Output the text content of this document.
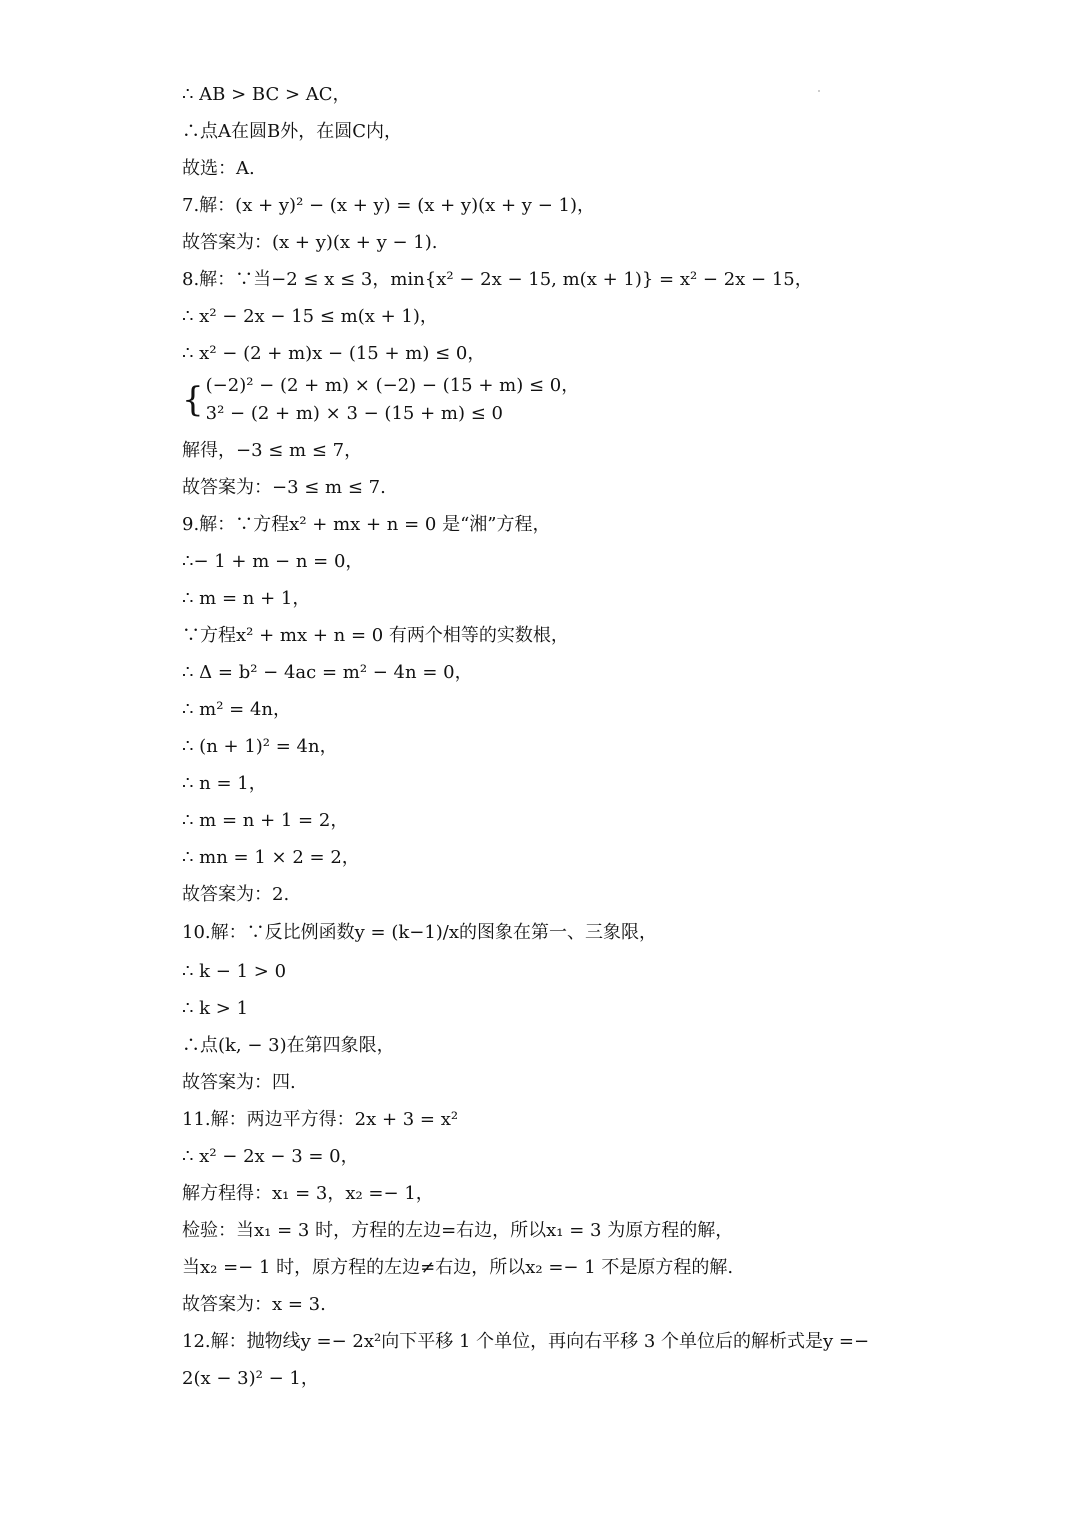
∴ AB > BC > AC，
∴点A在圆B外，在圆C内，
故选：A.
7.解：(x + y)² − (x + y) = (x + y)(x + y − 1)，
故答案为：(x + y)(x + y − 1).
8.解：∵当−2 ≤ x ≤ 3，min{x² − 2x − 15, m(x + 1)} = x² − 2x − 15，
∴ x² − 2x − 15 ≤ m(x + 1)，
∴ x² − (2 + m)x − (15 + m) ≤ 0，
{ (−2)² − (2 + m) × (−2) − (15 + m) ≤ 0
3² − (2 + m) × 3 − (15 + m) ≤ 0
，
解得，−3 ≤ m ≤ 7，
故答案为：−3 ≤ m ≤ 7.
9.解：∵方程x² + mx + n = 0 是“湘”方程，
∴− 1 + m − n = 0，
∴ m = n + 1，
∵方程x² + mx + n = 0 有两个相等的实数根，
∴ Δ = b² − 4ac = m² − 4n = 0，
∴ m² = 4n，
∴ (n + 1)² = 4n，
∴ n = 1，
∴ m = n + 1 = 2，
∴ mn = 1 × 2 = 2，
故答案为：2.
10.解：∵反比例函数y = (k−1)/x的图象在第一、三象限，
∴ k − 1 > 0
∴ k > 1
∴点(k, − 3)在第四象限，
故答案为：四.
11.解：两边平方得：2x + 3 = x²
∴ x² − 2x − 3 = 0，
解方程得：x₁ = 3，x₂ =− 1，
检验：当x₁ = 3 时，方程的左边=右边，所以x₁ = 3 为原方程的解，
当x₂ =− 1 时，原方程的左边≠右边，所以x₂ =− 1 不是原方程的解.
故答案为：x = 3.
12.解：抛物线y =− 2x²向下平移 1 个单位，再向右平移 3 个单位后的解析式是y =−
2(x − 3)² − 1，
